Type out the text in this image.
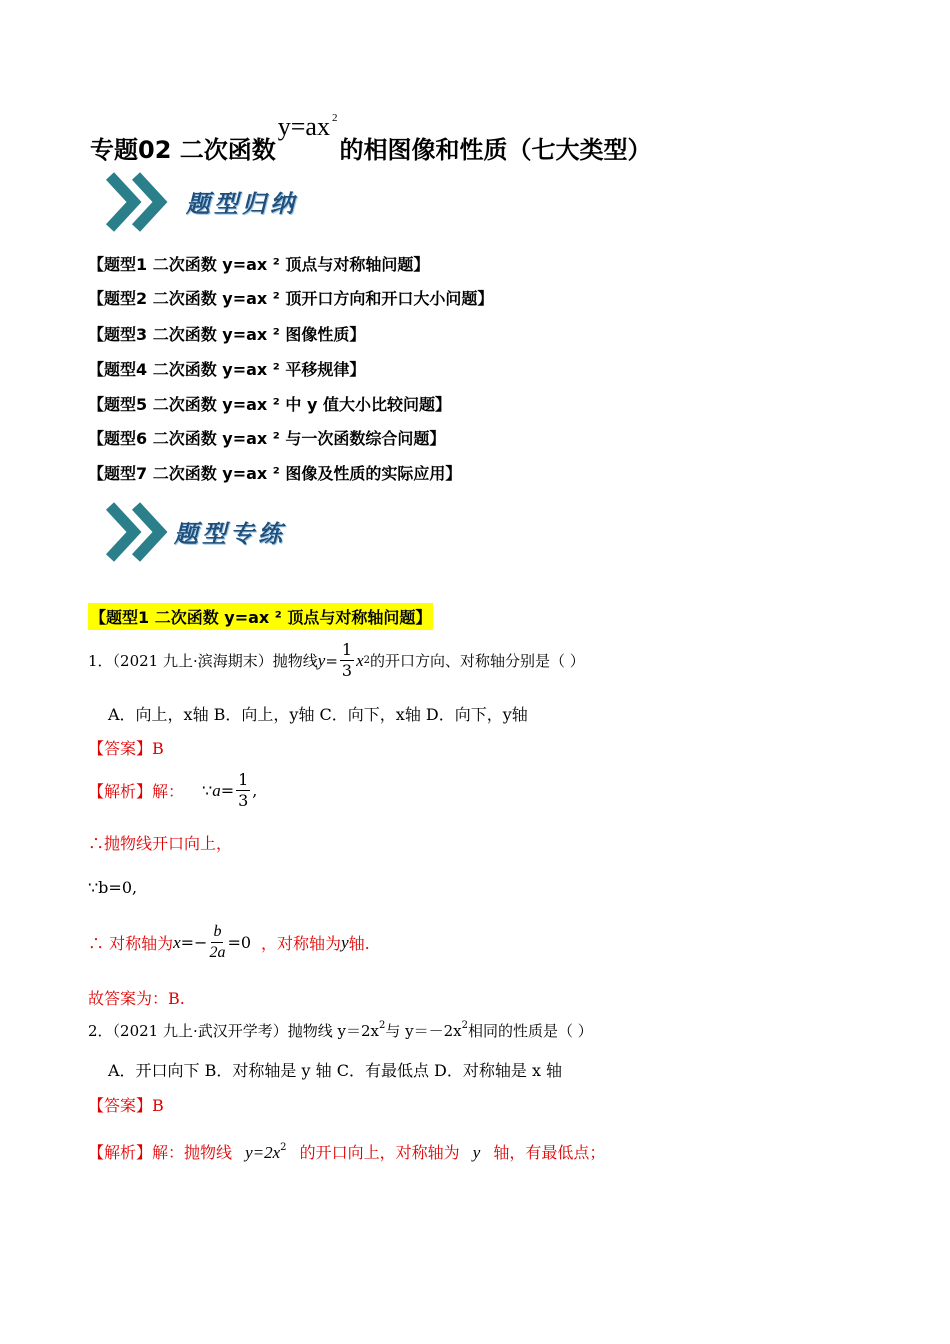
专题02 二次函数
y=ax $^2$
的相图像和性质（七大类型）
题型归纳
【题型1 二次函数 y=ax ² 顶点与对称轴问题】
【题型2 二次函数 y=ax ² 顶开口方向和开口大小问题】
【题型3 二次函数 y=ax ² 图像性质】
【题型4 二次函数 y=ax ² 平移规律】
【题型5 二次函数 y=ax ² 中 y 值大小比较问题】
【题型6 二次函数 y=ax ² 与一次函数综合问题】
【题型7 二次函数 y=ax ² 图像及性质的实际应用】
题型专练
【题型1 二次函数 y=ax ² 顶点与对称轴问题】
1．（2021 九上·滨海期末）抛物线 $y = \frac{1}{3}$ x 2 的开口方向、对称轴分别是（ ）
A．向上，x轴 B．向上，y轴 C．向下，x轴 D．向下，y轴
【答案】B
【解析】解： ∵ $a = \frac{1}{3}$ ,
∴抛物线开口向上，
∵b=0,
∴ 对称轴为 $x =- \frac{b}{2a} =0$ ，对称轴为 y 轴.
故答案为：B.
2．（2021 九上·武汉开学考）抛物线 $y=2x^2$与 $y=-2x^2$相同的性质是（ ）
A．开口向下 B．对称轴是 y 轴 C．有最低点 D．对称轴是 x 轴
【答案】B
【解析】解：抛物线 $y=2x^2$ 的开口向上，对称轴为 y 轴，有最低点；
